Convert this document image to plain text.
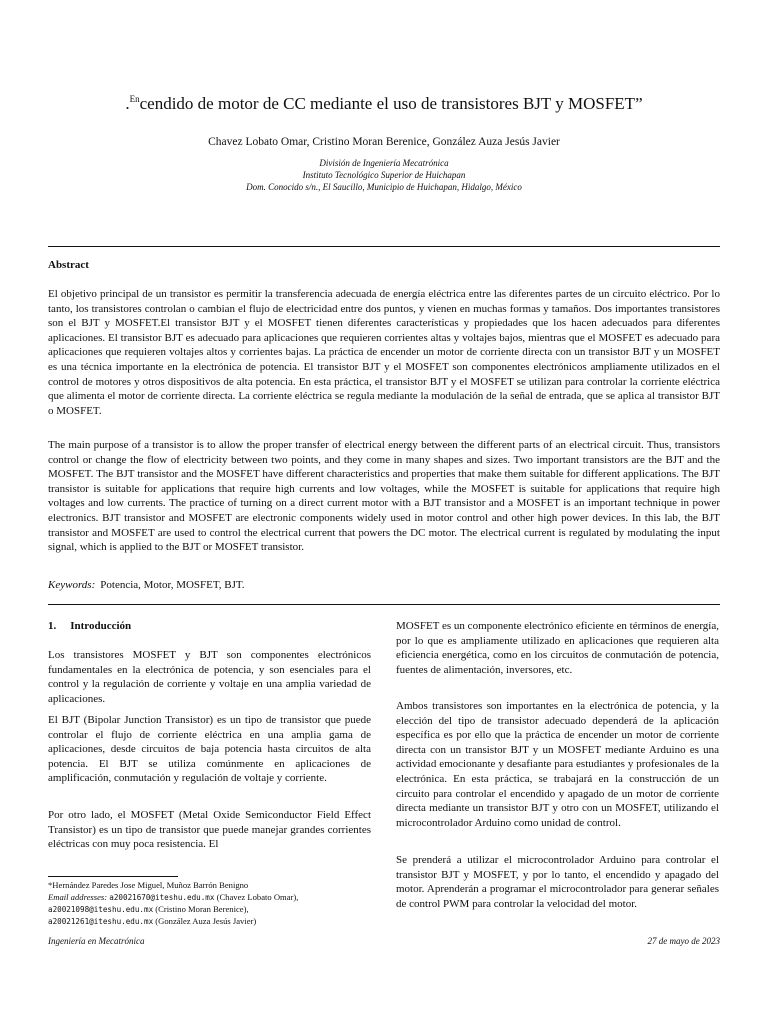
.$^{En}$cendido de motor de CC mediante el uso de transistores BJT y MOSFET”
Chavez Lobato Omar, Cristino Moran Berenice, González Auza Jesús Javier
División de Ingeniería Mecatrónica
Instituto Tecnológico Superior de Huichapan
Dom. Conocido s/n., El Saucillo, Municipio de Huichapan, Hidalgo, México
Abstract
El objetivo principal de un transistor es permitir la transferencia adecuada de energía eléctrica entre las diferentes partes de un circuito eléctrico. Por lo tanto, los transistores controlan o cambian el flujo de electricidad entre dos puntos, y vienen en muchas formas y tamaños. Dos importantes transistores son el BJT y MOSFET.El transistor BJT y el MOSFET tienen diferentes características y propiedades que los hacen adecuados para diferentes aplicaciones. El transistor BJT es adecuado para aplicaciones que requieren corrientes altas y voltajes bajos, mientras que el MOSFET es adecuado para aplicaciones que requieren voltajes altos y corrientes bajas. La práctica de encender un motor de corriente directa con un transistor BJT y un MOSFET es una técnica importante en la electrónica de potencia. El transistor BJT y el MOSFET son componentes electrónicos ampliamente utilizados en el control de motores y otros dispositivos de alta potencia. En esta práctica, el transistor BJT y el MOSFET se utilizan para controlar la corriente eléctrica que alimenta el motor de corriente directa. La corriente eléctrica se regula mediante la modulación de la señal de entrada, que se aplica al transistor BJT o MOSFET.
The main purpose of a transistor is to allow the proper transfer of electrical energy between the different parts of an electrical circuit. Thus, transistors control or change the flow of electricity between two points, and they come in many shapes and sizes. Two important transistors are the BJT and the MOSFET. The BJT transistor and the MOSFET have different characteristics and properties that make them suitable for different applications. The BJT transistor is suitable for applications that require high currents and low voltages, while the MOSFET is suitable for applications that require high voltages and low currents. The practice of turning on a direct current motor with a BJT transistor and a MOSFET is an important technique in power electronics. BJT transistor and MOSFET are electronic components widely used in motor control and other high power devices. In this lab, the BJT transistor and MOSFET are used to control the electrical current that powers the DC motor. The electrical current is regulated by modulating the input signal, which is applied to the BJT or MOSFET transistor.
Keywords: Potencia, Motor, MOSFET, BJT.
1. Introducción
Los transistores MOSFET y BJT son componentes electrónicos fundamentales en la electrónica de potencia, y son esenciales para el control y la regulación de corriente y voltaje en una amplia variedad de aplicaciones.
El BJT (Bipolar Junction Transistor) es un tipo de transistor que puede controlar el flujo de corriente eléctrica en una amplia gama de aplicaciones, desde circuitos de baja potencia hasta circuitos de alta potencia. El BJT se utiliza comúnmente en aplicaciones de amplificación, conmutación y regulación de voltaje y corriente.
Por otro lado, el MOSFET (Metal Oxide Semiconductor Field Effect Transistor) es un tipo de transistor que puede manejar grandes corrientes eléctricas con muy poca resistencia. El
MOSFET es un componente electrónico eficiente en términos de energía, por lo que es ampliamente utilizado en aplicaciones que requieren alta eficiencia energética, como en los circuitos de conmutación de potencia, fuentes de alimentación, inversores, etc.
Ambos transistores son importantes en la electrónica de potencia, y la elección del tipo de transistor adecuado dependerá de la aplicación específica es por ello que la práctica de encender un motor de corriente directa con un transistor BJT y un MOSFET mediante Arduino es una actividad emocionante y desafiante para estudiantes y profesionales de la electrónica. En esta práctica, se trabajará en la construcción de un circuito para controlar el encendido y apagado de un motor de corriente directa mediante un transistor BJT y otro con un MOSFET, utilizando el microcontrolador Arduino como unidad de control.
Se prenderá a utilizar el microcontrolador Arduino para controlar el transistor BJT y MOSFET, y por lo tanto, el encendido y apagado del motor. Aprenderán a programar el microcontrolador para generar señales de control PWM para controlar la velocidad del motor.
*Hernández Paredes Jose Miguel, Muñoz Barrón Benigno
Email addresses: a20021670@iteshu.edu.mx (Chavez Lobato Omar),
a20021098@iteshu.edu.mx (Cristino Moran Berenice),
a20021261@iteshu.edu.mx (González Auza Jesús Javier)
Ingeniería en Mecatrónica	27 de mayo de 2023
